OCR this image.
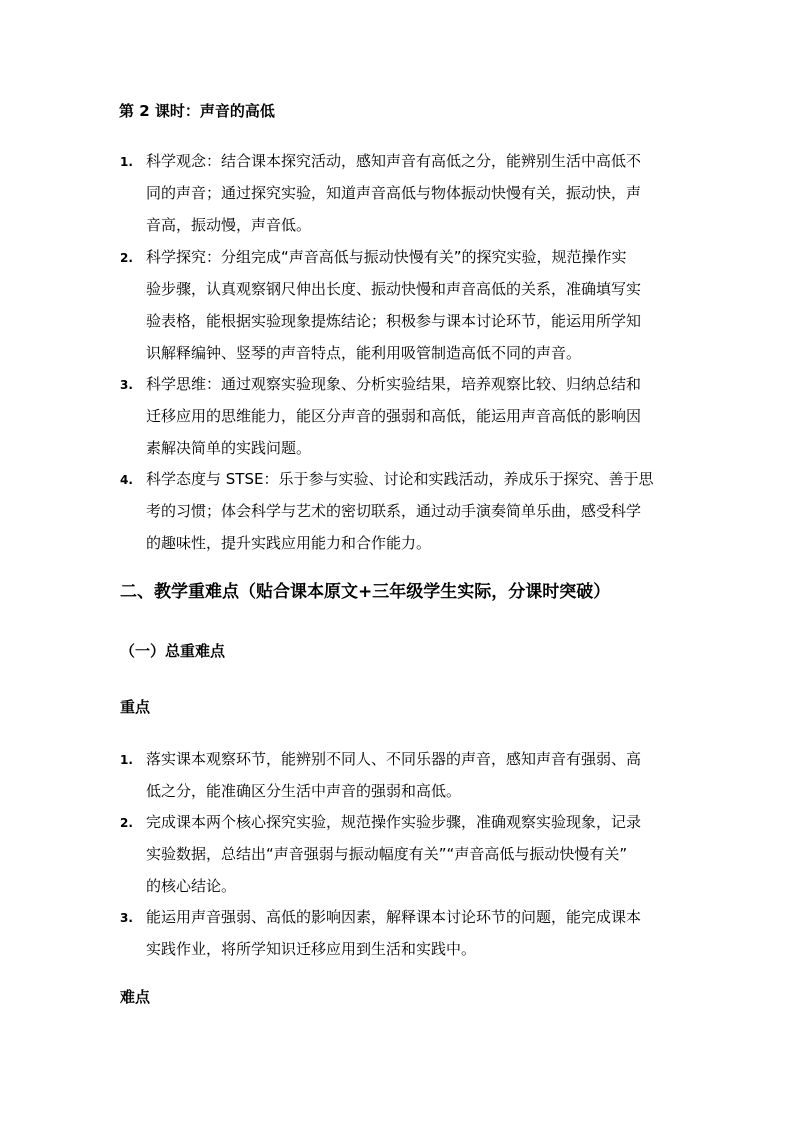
第 2 课时：声音的高低
1. 科学观念：结合课本探究活动，感知声音有高低之分，能辨别生活中高低不
同的声音；通过探究实验，知道声音高低与物体振动快慢有关，振动快，声
音高，振动慢，声音低。
2. 科学探究：分组完成“声音高低与振动快慢有关”的探究实验，规范操作实
验步骤，认真观察钢尺伸出长度、振动快慢和声音高低的关系，准确填写实
验表格，能根据实验现象提炼结论；积极参与课本讨论环节，能运用所学知
识解释编钟、竖琴的声音特点，能利用吸管制造高低不同的声音。
3. 科学思维：通过观察实验现象、分析实验结果，培养观察比较、归纳总结和
迁移应用的思维能力，能区分声音的强弱和高低，能运用声音高低的影响因
素解决简单的实践问题。
4. 科学态度与 STSE：乐于参与实验、讨论和实践活动，养成乐于探究、善于思
考的习惯；体会科学与艺术的密切联系，通过动手演奏简单乐曲，感受科学
的趣味性，提升实践应用能力和合作能力。
二、教学重难点（贴合课本原文+三年级学生实际，分课时突破）
（一）总重难点
重点
1. 落实课本观察环节，能辨别不同人、不同乐器的声音，感知声音有强弱、高
低之分，能准确区分生活中声音的强弱和高低。
2. 完成课本两个核心探究实验，规范操作实验步骤，准确观察实验现象，记录
实验数据，总结出“声音强弱与振动幅度有关”“声音高低与振动快慢有关”
的核心结论。
3. 能运用声音强弱、高低的影响因素，解释课本讨论环节的问题，能完成课本
实践作业，将所学知识迁移应用到生活和实践中。
难点
